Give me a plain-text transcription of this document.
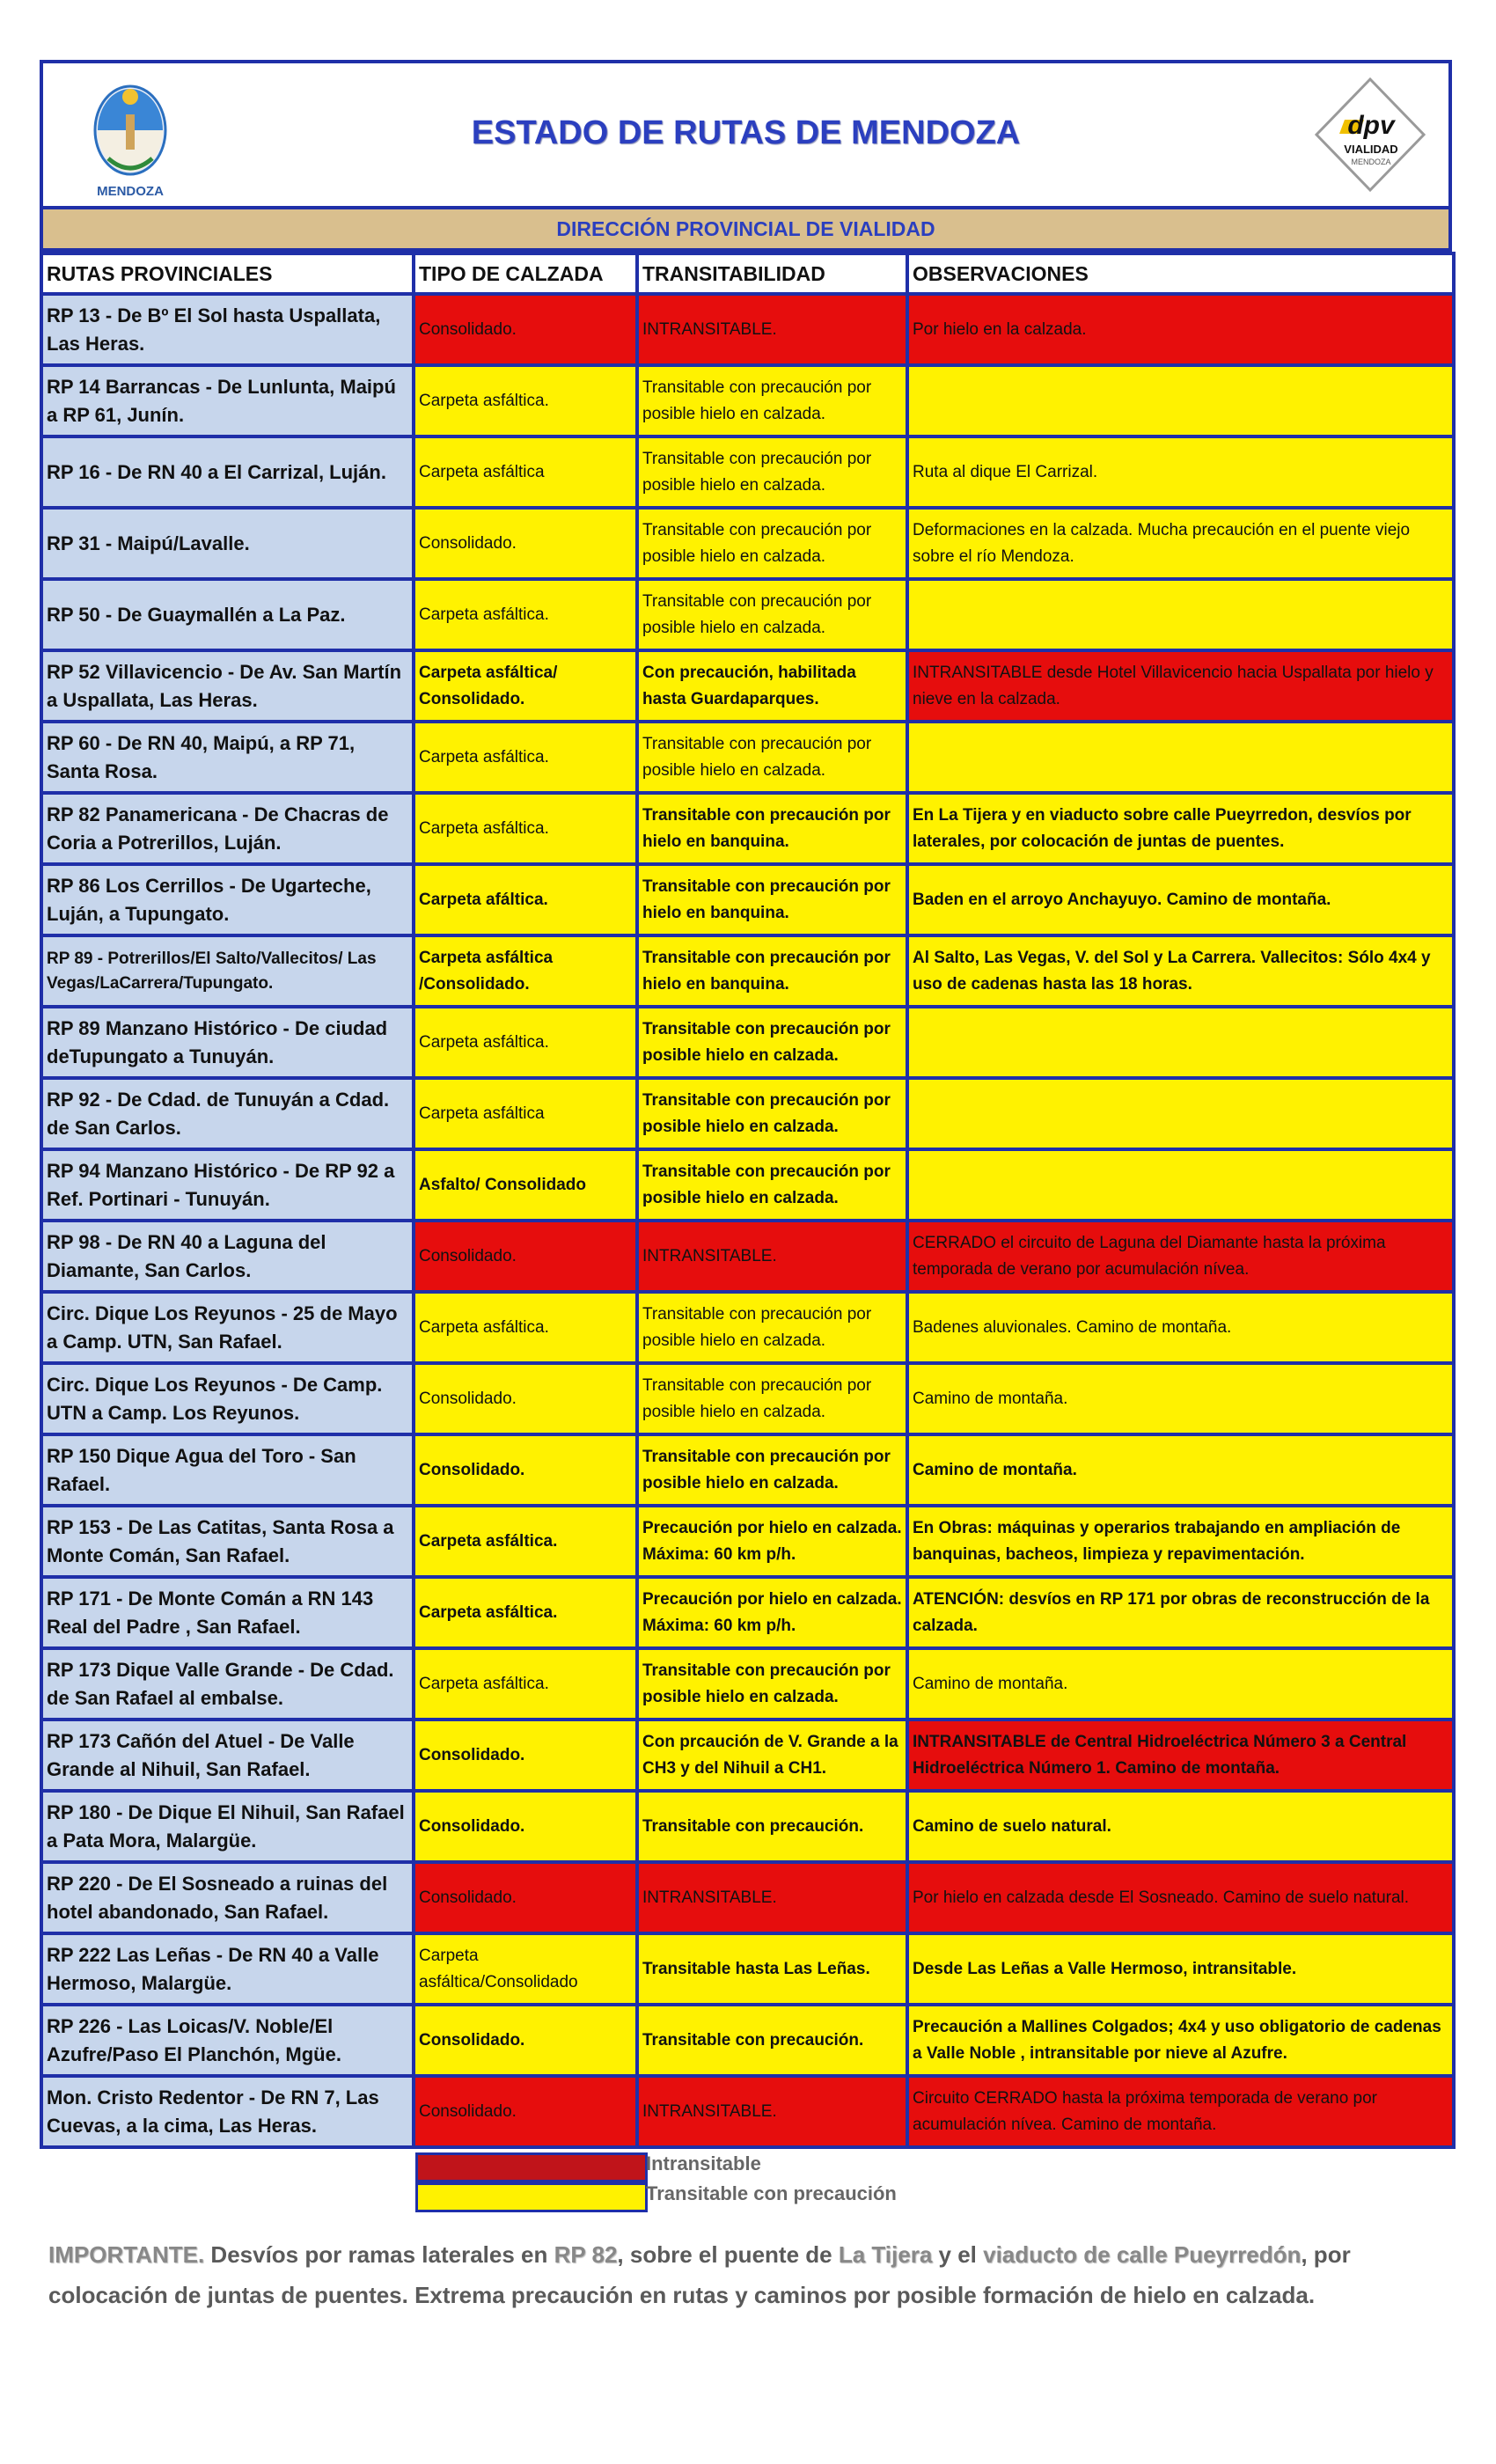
MENDOZA
ESTADO DE RUTAS DE MENDOZA	dpv
VIALIDAD
MENDOZA
DIRECCIÓN PROVINCIAL DE VIALIDAD
RUTAS PROVINCIALES	TIPO DE CALZADA	TRANSITABILIDAD	OBSERVACIONES
RP 13 - De Bº El Sol hasta Uspallata, Las Heras.	Consolidado.	INTRANSITABLE.	Por hielo en la calzada.
RP 14 Barrancas - De Lunlunta, Maipú a RP 61, Junín.	Carpeta asfáltica.	Transitable con precaución por posible hielo en calzada.	
RP 16 - De RN 40 a El Carrizal, Luján.	Carpeta asfáltica	Transitable con precaución por posible hielo en calzada.	Ruta al dique El Carrizal.
RP 31 - Maipú/Lavalle.	Consolidado.	Transitable con precaución por posible hielo en calzada.	Deformaciones en la calzada. Mucha precaución en el puente viejo sobre el río Mendoza.
RP 50 - De Guaymallén a La Paz.	Carpeta asfáltica.	Transitable con precaución por posible hielo en calzada.	
RP 52 Villavicencio - De Av. San Martín a Uspallata, Las Heras.	Carpeta asfáltica/ Consolidado.	Con precaución, habilitada hasta Guardaparques.	INTRANSITABLE desde Hotel Villavicencio hacia Uspallata por hielo y nieve en la calzada.
RP 60 - De RN 40, Maipú, a RP 71, Santa Rosa.	Carpeta asfáltica.	Transitable con precaución por posible hielo en calzada.	
RP 82 Panamericana - De Chacras de Coria a Potrerillos, Luján.	Carpeta asfáltica.	Transitable con precaución por hielo en banquina.	En La Tijera y en viaducto sobre calle Pueyrredon, desvíos por laterales, por colocación de juntas de puentes.
RP 86 Los Cerrillos - De Ugarteche, Luján, a Tupungato.	Carpeta afáltica.	Transitable con precaución por hielo en banquina.	Baden en el arroyo Anchayuyo. Camino de montaña.
RP 89 - Potrerillos/El Salto/Vallecitos/ Las Vegas/LaCarrera/Tupungato.	Carpeta asfáltica /Consolidado.	Transitable con precaución por hielo en banquina.	Al Salto, Las Vegas, V. del Sol y La Carrera. Vallecitos: Sólo 4x4 y uso de cadenas hasta las 18 horas.
RP 89 Manzano Histórico - De ciudad deTupungato a Tunuyán.	Carpeta asfáltica.	Transitable con precaución por posible hielo en calzada.	
RP 92 - De Cdad. de Tunuyán a Cdad. de San Carlos.	Carpeta asfáltica	Transitable con precaución por posible hielo en calzada.	
RP 94 Manzano Histórico - De RP 92 a Ref. Portinari - Tunuyán.	Asfalto/ Consolidado	Transitable con precaución por posible hielo en calzada.	
RP 98 - De RN 40 a Laguna del Diamante, San Carlos.	Consolidado.	INTRANSITABLE.	CERRADO el circuito de Laguna del Diamante hasta la próxima temporada de verano por acumulación nívea.
Circ. Dique Los Reyunos - 25 de Mayo a Camp. UTN, San Rafael.	Carpeta asfáltica.	Transitable con precaución por posible hielo en calzada.	Badenes aluvionales. Camino de montaña.
Circ. Dique Los Reyunos - De Camp. UTN a Camp. Los Reyunos.	Consolidado.	Transitable con precaución por posible hielo en calzada.	Camino de montaña.
RP 150 Dique Agua del Toro - San Rafael.	Consolidado.	Transitable con precaución por posible hielo en calzada.	Camino de montaña.
RP 153 - De Las Catitas, Santa Rosa a Monte Comán, San Rafael.	Carpeta asfáltica.	Precaución por hielo en calzada. Máxima: 60 km p/h.	En Obras: máquinas y operarios trabajando en ampliación de banquinas, bacheos, limpieza y repavimentación.
RP 171 - De Monte Comán a RN 143 Real del Padre , San Rafael.	Carpeta asfáltica.	Precaución por hielo en calzada. Máxima: 60 km p/h.	ATENCIÓN: desvíos en RP 171 por obras de reconstrucción de la calzada.
RP 173 Dique Valle Grande - De Cdad. de San Rafael al embalse.	Carpeta asfáltica.	Transitable con precaución por posible hielo en calzada.	Camino de montaña.
RP 173 Cañón del Atuel - De Valle Grande al Nihuil, San Rafael.	Consolidado.	Con prcaución de V. Grande a la CH3 y del Nihuil a CH1.	INTRANSITABLE de Central Hidroeléctrica Número 3 a Central Hidroeléctrica Número 1. Camino de montaña.
RP 180 - De Dique El Nihuil, San Rafael a Pata Mora, Malargüe.	Consolidado.	Transitable con precaución.	Camino de suelo natural.
RP 220 - De El Sosneado a ruinas del hotel abandonado, San Rafael.	Consolidado.	INTRANSITABLE.	Por hielo en calzada desde El Sosneado. Camino de suelo natural.
RP 222 Las Leñas - De RN 40 a Valle Hermoso, Malargüe.	Carpeta asfáltica/Consolidado	Transitable hasta Las Leñas.	Desde Las Leñas a Valle Hermoso, intransitable.
RP 226 - Las Loicas/V. Noble/El Azufre/Paso El Planchón, Mgüe.	Consolidado.	Transitable con precaución.	Precaución a Mallines Colgados; 4x4 y uso obligatorio de cadenas a Valle Noble , intransitable por nieve al Azufre.
Mon. Cristo Redentor - De RN 7, Las Cuevas, a la cima, Las Heras.	Consolidado.	INTRANSITABLE.	Circuito CERRADO hasta la próxima temporada de verano por acumulación nívea. Camino de montaña.
Intransitable
Transitable con precaución
IMPORTANTE. Desvíos por ramas laterales en RP 82, sobre el puente de La Tijera y el viaducto de calle Pueyrredón, por colocación de juntas de puentes. Extrema precaución en rutas y caminos por posible formación de hielo en calzada.
